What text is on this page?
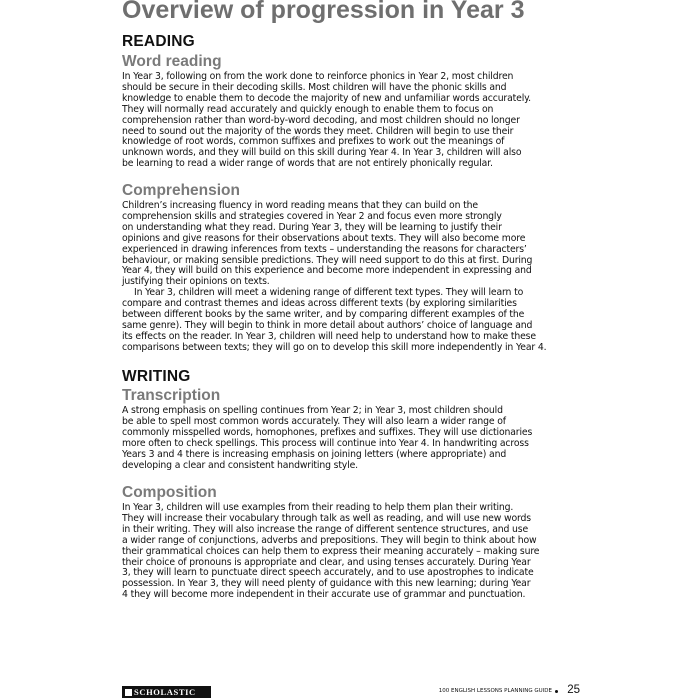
Overview of progression in Year 3
READING
Word reading
In Year 3, following on from the work done to reinforce phonics in Year 2, most children
should be secure in their decoding skills. Most children will have the phonic skills and
knowledge to enable them to decode the majority of new and unfamiliar words accurately.
They will normally read accurately and quickly enough to enable them to focus on
comprehension rather than word-by-word decoding, and most children should no longer
need to sound out the majority of the words they meet. Children will begin to use their
knowledge of root words, common suffixes and prefixes to work out the meanings of
unknown words, and they will build on this skill during Year 4. In Year 3, children will also
be learning to read a wider range of words that are not entirely phonically regular.
Comprehension
Children’s increasing fluency in word reading means that they can build on the
comprehension skills and strategies covered in Year 2 and focus even more strongly
on understanding what they read. During Year 3, they will be learning to justify their
opinions and give reasons for their observations about texts. They will also become more
experienced in drawing inferences from texts – understanding the reasons for characters’
behaviour, or making sensible predictions. They will need support to do this at first. During
Year 4, they will build on this experience and become more independent in expressing and
justifying their opinions on texts.
In Year 3, children will meet a widening range of different text types. They will learn to
compare and contrast themes and ideas across different texts (by exploring similarities
between different books by the same writer, and by comparing different examples of the
same genre). They will begin to think in more detail about authors’ choice of language and
its effects on the reader. In Year 3, children will need help to understand how to make these
comparisons between texts; they will go on to develop this skill more independently in Year 4.
WRITING
Transcription
A strong emphasis on spelling continues from Year 2; in Year 3, most children should
be able to spell most common words accurately. They will also learn a wider range of
commonly misspelled words, homophones, prefixes and suffixes. They will use dictionaries
more often to check spellings. This process will continue into Year 4. In handwriting across
Years 3 and 4 there is increasing emphasis on joining letters (where appropriate) and
developing a clear and consistent handwriting style.
Composition
In Year 3, children will use examples from their reading to help them plan their writing.
They will increase their vocabulary through talk as well as reading, and will use new words
in their writing. They will also increase the range of different sentence structures, and use
a wider range of conjunctions, adverbs and prepositions. They will begin to think about how
their grammatical choices can help them to express their meaning accurately – making sure
their choice of pronouns is appropriate and clear, and using tenses accurately. During Year
3, they will learn to punctuate direct speech accurately, and to use apostrophes to indicate
possession. In Year 3, they will need plenty of guidance with this new learning; during Year
4 they will become more independent in their accurate use of grammar and punctuation.
SCHOLASTIC	100 ENGLISH LESSONS PLANNING GUIDE 25
